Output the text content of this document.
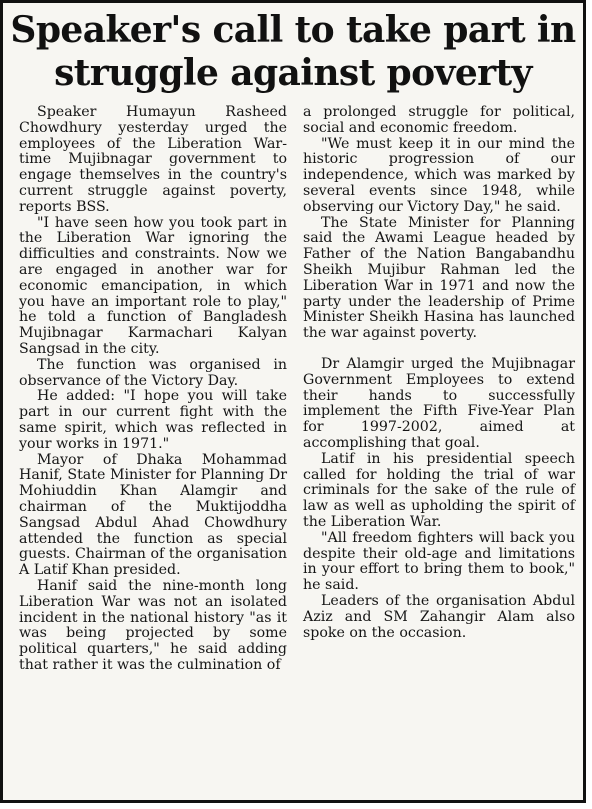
Speaker's call to take part in
struggle against poverty

Speaker Humayun Rasheed Chowdhury yesterday urged the employees of the Liberation War-time Mujibnagar government to engage themselves in the country's current struggle against poverty, reports BSS.

"I have seen how you took part in the Liberation War ignoring the difficulties and constraints. Now we are engaged in another war for economic emancipation, in which you have an important role to play," he told a function of Bangladesh Mujibnagar Karmachari Kalyan Sangsad in the city.

The function was organised in observance of the Victory Day.

He added: "I hope you will take part in our current fight with the same spirit, which was reflected in your works in 1971."

Mayor of Dhaka Mohammad Hanif, State Minister for Planning Dr Mohiuddin Khan Alamgir and chairman of the Muktijoddha Sangsad Abdul Ahad Chowdhury attended the function as special guests. Chairman of the organisation A Latif Khan presided.

Hanif said the nine-month long Liberation War was not an isolated incident in the national history "as it was being projected by some political quarters," he said adding that rather it was the culmination of

a prolonged struggle for political, social and economic freedom.

"We must keep it in our mind the historic progression of our independence, which was marked by several events since 1948, while observing our Victory Day," he said.

The State Minister for Planning said the Awami League headed by Father of the Nation Bangabandhu Sheikh Mujibur Rahman led the Liberation War in 1971 and now the party under the leadership of Prime Minister Sheikh Hasina has launched the war against poverty.

Dr Alamgir urged the Mujibnagar Government Employees to extend their hands to successfully implement the Fifth Five-Year Plan for 1997-2002, aimed at accomplishing that goal.

Latif in his presidential speech called for holding the trial of war criminals for the sake of the rule of law as well as upholding the spirit of the Liberation War.

"All freedom fighters will back you despite their old-age and limitations in your effort to bring them to book," he said.

Leaders of the organisation Abdul Aziz and SM Zahangir Alam also spoke on the occasion.
